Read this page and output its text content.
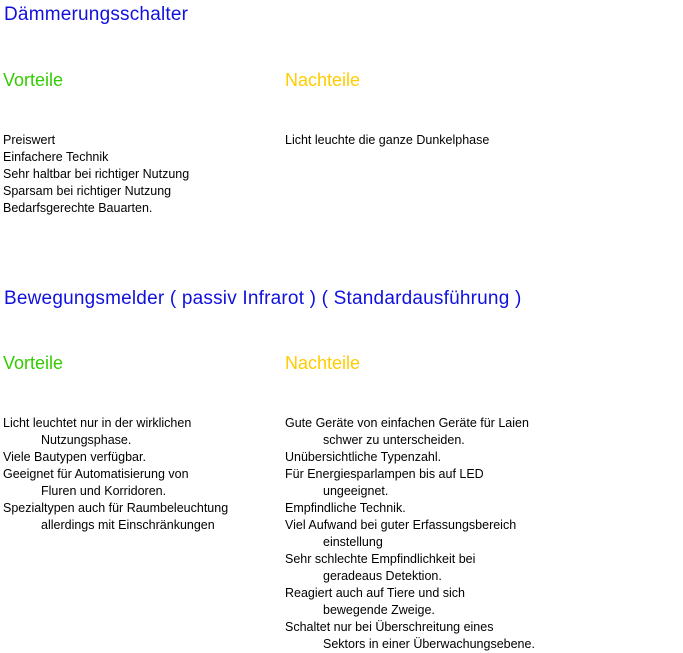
Dämmerungsschalter
Vorteile	Nachteile
Preiswert
Einfachere Technik
Sehr haltbar bei richtiger Nutzung
Sparsam bei richtiger Nutzung
Bedarfsgerechte Bauarten.
Licht leuchte die ganze Dunkelphase
Bewegungsmelder ( passiv Infrarot ) ( Standardausführung )
Vorteile	Nachteile
Licht leuchtet nur in der wirklichen
Nutzungsphase.
Viele Bautypen verfügbar.
Geeignet für Automatisierung von
Fluren und Korridoren.
Spezialtypen auch für Raumbeleuchtung
allerdings mit Einschränkungen
Gute Geräte von einfachen Geräte für Laien
schwer zu unterscheiden.
Unübersichtliche Typenzahl.
Für Energiesparlampen bis auf LED
ungeeignet.
Empfindliche Technik.
Viel Aufwand bei guter Erfassungsbereich
einstellung
Sehr schlechte Empfindlichkeit bei
geradeaus Detektion.
Reagiert auch auf Tiere und sich
bewegende Zweige.
Schaltet nur bei Überschreitung eines
Sektors in einer Überwachungsebene.
